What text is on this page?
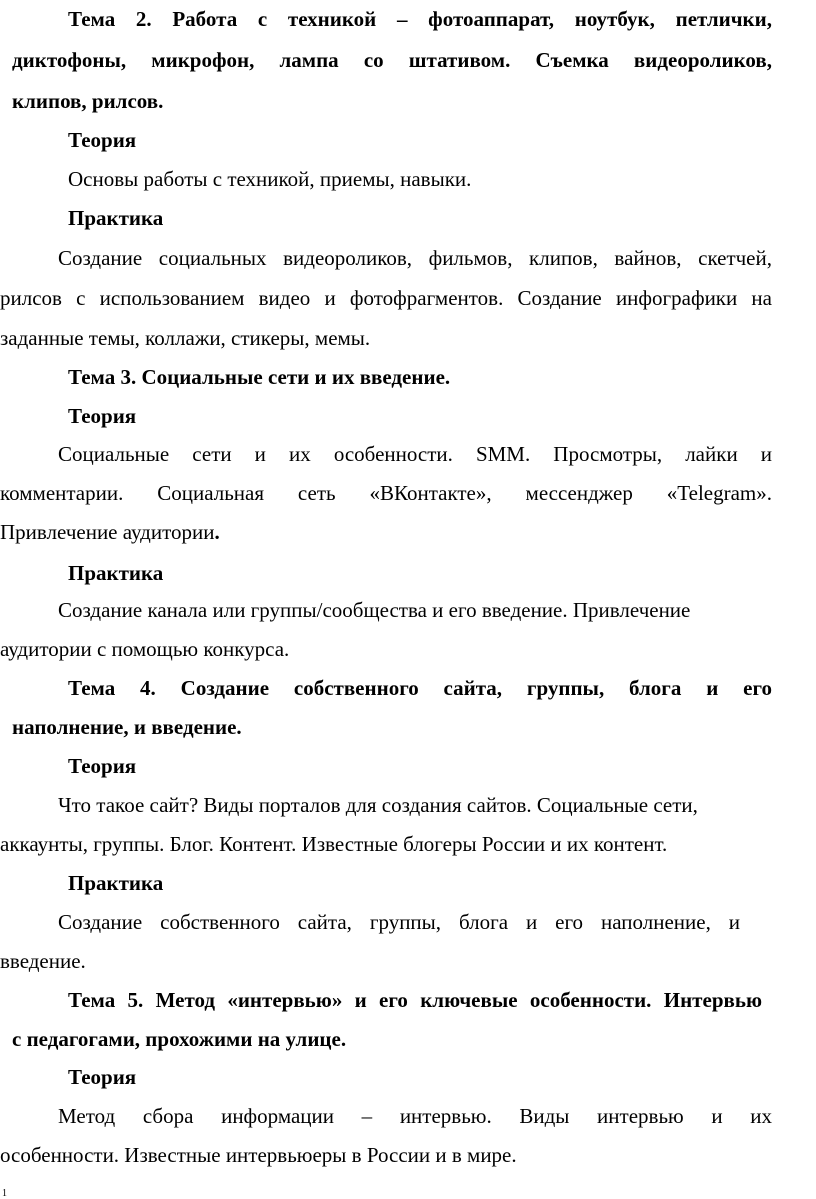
Тема 2. Работа с техникой – фотоаппарат, ноутбук, петлички,
диктофоны, микрофон, лампа со штативом. Съемка видеороликов,
клипов, рилсов.
Теория
Основы работы с техникой, приемы, навыки.
Практика
Создание социальных видеороликов, фильмов, клипов, вайнов, скетчей,
рилсов с использованием видео и фотофрагментов. Создание инфографики на
заданные темы, коллажи, стикеры, мемы.
Тема 3. Социальные сети и их введение.
Теория
Социальные сети и их особенности. SMM. Просмотры, лайки и
комментарии. Социальная сеть «ВКонтакте», мессенджер «Telegram».
Привлечение аудитории.
Практика
Создание канала или группы/сообщества и его введение. Привлечение
аудитории с помощью конкурса.
Тема 4. Создание собственного сайта, группы, блога и его
наполнение, и введение.
Теория
Что такое сайт? Виды порталов для создания сайтов. Социальные сети,
аккаунты, группы. Блог. Контент. Известные блогеры России и их контент.
Практика
Создание собственного сайта, группы, блога и его наполнение, и
введение.
Тема 5. Метод «интервью» и его ключевые особенности. Интервью
с педагогами, прохожими на улице.
Теория
Метод сбора информации – интервью. Виды интервью и их
особенности. Известные интервьюеры в России и в мире.
1
